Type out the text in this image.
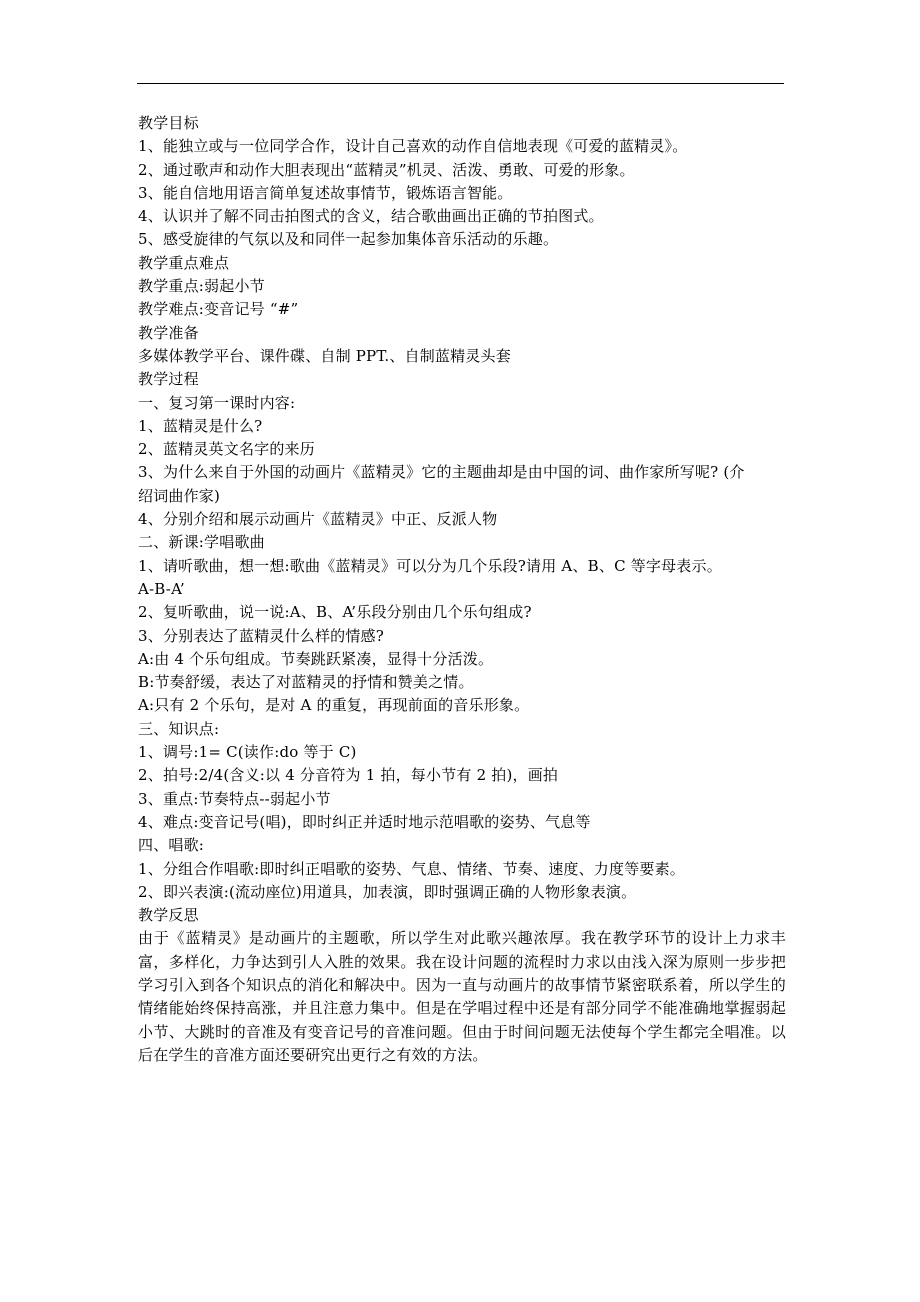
教学目标

1、能独立或与一位同学合作，设计自己喜欢的动作自信地表现《可爱的蓝精灵》。

2、通过歌声和动作大胆表现出“蓝精灵”机灵、活泼、勇敢、可爱的形象。

3、能自信地用语言简单复述故事情节，锻炼语言智能。

4、认识并了解不同击拍图式的含义，结合歌曲画出正确的节拍图式。

5、感受旋律的气氛以及和同伴一起参加集体音乐活动的乐趣。

教学重点难点

教学重点:弱起小节

教学难点:变音记号 “#”

教学准备

多媒体教学平台、课件碟、自制 PPT.、自制蓝精灵头套

教学过程

一、复习第一课时内容:

1、蓝精灵是什么?

2、蓝精灵英文名字的来历

3、为什么来自于外国的动画片《蓝精灵》它的主题曲却是由中国的词、曲作家所写呢? (介

绍词曲作家)

4、分别介绍和展示动画片《蓝精灵》中正、反派人物

二、新课:学唱歌曲

1、请听歌曲，想一想:歌曲《蓝精灵》可以分为几个乐段?请用 A、B、C 等字母表示。

A-B-A’

2、复听歌曲，说一说:A、B、A’乐段分别由几个乐句组成?

3、分别表达了蓝精灵什么样的情感?

A:由 4 个乐句组成。节奏跳跃紧凑，显得十分活泼。

B:节奏舒缓，表达了对蓝精灵的抒情和赞美之情。

A:只有 2 个乐句，是对 A 的重复，再现前面的音乐形象。

三、知识点:

1、调号:1= C(读作:do 等于 C)

2、拍号:2/4(含义:以 4 分音符为 1 拍，每小节有 2 拍)，画拍

3、重点:节奏特点--弱起小节

4、难点:变音记号(唱)，即时纠正并适时地示范唱歌的姿势、气息等

四、唱歌:

1、分组合作唱歌:即时纠正唱歌的姿势、气息、情绪、节奏、速度、力度等要素。

2、即兴表演:(流动座位)用道具，加表演，即时强调正确的人物形象表演。

教学反思

由于《蓝精灵》是动画片的主题歌，所以学生对此歌兴趣浓厚。我在教学环节的设计上力求丰富，多样化，力争达到引人入胜的效果。我在设计问题的流程时力求以由浅入深为原则一步步把学习引入到各个知识点的消化和解决中。因为一直与动画片的故事情节紧密联系着，所以学生的情绪能始终保持高涨，并且注意力集中。但是在学唱过程中还是有部分同学不能准确地掌握弱起小节、大跳时的音准及有变音记号的音准问题。但由于时间问题无法使每个学生都完全唱准。以后在学生的音准方面还要研究出更行之有效的方法。
